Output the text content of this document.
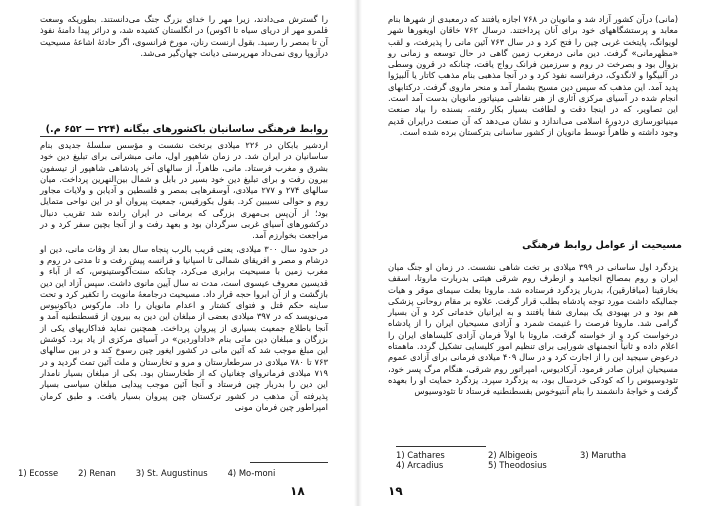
را گسترش می‌دادند، زیرا مهر را خدای بزرگ جنگ می‌دانستند. بطوریکه وسعت قلمرو مهر از دریای سیاه تا اکوس) در انگلستان کشیده شد، و دراثر پیدا دامنهٔ نفوذ آن تا بمصر را رسید. بقول ارنست رنان، مورخ فرانسوی، اگر حادثهٔ اشاعهٔ مسیحیت درآزوپا روی نمی‌داد مهرپرستی دیانت جهان‌گیر می‌شد.

روابط فرهنگی ساسانیان باکشورهای بیگانه (۲۲۴ — ۶۵۲ م.)

اردشیر بابکان در ۲۲۶ میلادی برتخت نشست و مؤسس سلسلهٔ جدیدی بنام ساسانیان در ایران شد. در زمان شاهپور اول، مانی مبشرانی برای تبلیغ دین خود بشرق و مغرب فرستاد. مانی، ظاهراً، از سالهای آخر پادشاهی شاهپور از تیسفون بیرون رفت و برای تبلیغ دین خود بسیر در بابل و شمال بین‌النهرین پرداخت. میان سالهای ۲۷۴ و ۲۷۷ میلادی، آوسقرهایی بمصر و فلسطین و آدیابن و ولایات مجاور روم و حوالی نسیبین کرد. بقول بکورقیس، جمعیت پیروان او در این نواحی متمایل بود؛ از آن‌پس بی‌مهری بزرگی که برمانی در ایران رانده شد تقریب دنبال درکشورهای آسیای غربی سرگردان بود و بعهد رفت و از آنجا بچین سفر کرد و در مراجعت بخوارزم آمد.

در حدود سال ۳۰۰ میلادی، یعنی قریب بالرب پنجاه سال بعد از وفات مانی، دین او درشام و مصر و افریقای شمالی تا اسپانیا و فرانسه پیش رفت و تا مدتی در روم و مغرب زمین با مسیحیت برابری می‌کرد، چنانکه سنت‌آگوستینوس، که از آباء و قدیسین معروف عیسوی است، مدت نه سال آیین مانوی داشت. سپس آزاد این دین بازگشت و از آن ابروا حجه قرار داد. مسیحیت درجامعهٔ مانویت را تکفیر کرد و تحت ساینه حکم قتل و فتوای کشتار و اعدام مانویان را داد. مارکوس دیاکونیوس می‌نویسد که در ۳۹۷ میلادی بعضی از مبلغان این دین به بیرون از قسطنطنیه آمد و آنجا باطلاع جمعیت بسیاری از پیروان پرداخت. همچنین نماید فداکاریهای یکی از بزرگان و مبلغان دین مانی بنام «داداوردین» در آسیای مرکزی از یاد برد. کوشش این مبلغ موجب شد که آئین مانی در کشور ایغور چین رسوخ کند و در بین سالهای ۷۶۳ تا ۷۸۰ میلادی در سرطعارستان و مرو و تخارستان و ملت آئین تمت گردید و در ۷۱۹ میلادی فرمانروای چغانیان که از طخارستان بود. بکی از مبلغان بسیار نامدار این دین را بدربار چین فرستاد و آنجا آئین موجب پیدایی مبلغان سیاسی بسیار پذیرفته آن مذهب در کشور ترکستان چین پیروان بسیار یافت. و طبق کرمان امپراطور چین فرمان مونی

1) Ecosse 2) Renan 3) St. Augustinus 4) Mo-moni
۱۸

(مانی) درآن کشور آزاد شد و مانویان در ۷۶۸ اجازه یافتند که درمعبدی از شهرها بنام معابد و پرستشگاههای خود برای آنان پرداختند. درسال ۷۶۲ خاقان اویغورها شهر لویوانگ، پایتخت غربی چین را فتح کرد و در سال ۷۶۳ آئین مانی را پذیرفت، و لقب «مظهرمانی» گرفت. دین مانی درمغرب زمین گاهی در حال توسعه و زمانی رو بزوال بود و بصرخت در روم و سرزمین فرانک رواج یافت، چنانکه در قرون وسطی در آلبیگوا و لانگدوک، درفرانسه نفوذ کرد و در آنجا مذهبی بنام مذهب کاتار یا آلبیژوا پدید آمد. این مذهب که سپس دین مسیح بشمار آمد و منحر ماروی گرفت. درکتابهای انجام شده در آسیای مرکزی آثاری از هنر نقاشی مینیاتور مانویان بدست آمد است. این تصاویر، که در اینجا دقت و لطافت بسیار بکار رفته، بسنده را بیاد صنعت مینیاتورسازی دردورهٔ اسلامی می‌اندازد و نشان می‌دهد که آن صنعت درایران قدیم وجود داشته و ظاهراً توسط مانویان از کشور ساسانی بترکستان برده شده است.

مسیحیت از عوامل روابط فرهنگی

یزدگرد اول ساسانی در ۳۹۹ میلادی بر تخت شاهی نشست. در زمان او جنگ میان ایران و روم بمصالح انجامید و ازطرف روم شرقی هیئتی بدربارت ماروتا، اسقف بخارقینا (میافارقین)، بدربار یزدگرد فرستاده شد. ماروتا بعلت سیمای موقر و هیات جمالیکه داشت مورد توجه پادشاه بطلب قرار گرفت. علاوه بر مقام روحانی پزشکی هم بود و در بهبودی یک بیماری شفا یافتند و به ایرانیان خدماتی کرد و آن بسیار گرامی شد. ماروتا فرصت را غنیمت شمرد و آزادی مسیحیان ایران را از پادشاه درخواست کرد و از خواسته گرفت. ماروتا با اولاً فرمان آزادی کلیساهای ایران را اعلام داده و ثانیاً انجمنهای شورایی برای تنظیم امور کلیسایی تشکیل گردد. ماهمتاه درعوض سیجید این را از اجازت کرد و در سال ۴۰۹ میلادی فرمانی برای آزادی عموم مسیحیان ایران صادر فرمود. آرکادیوس، امپراتور روم شرقی، هنگام مرگ پسر خود، تئودوسیوس را که کودکی خردسال بود، به یزدگرد سپرد. یزدگرد حمایت او را بعهده گرفت و خواجهٔ دانشمند را بنام آنتیوخوس بقسطنطنیه فرستاد تا تئودوسیوس

1) Cathares	2) Albigeois	3) Marutha
4) Arcadius	5) Theodosius
۱۹
